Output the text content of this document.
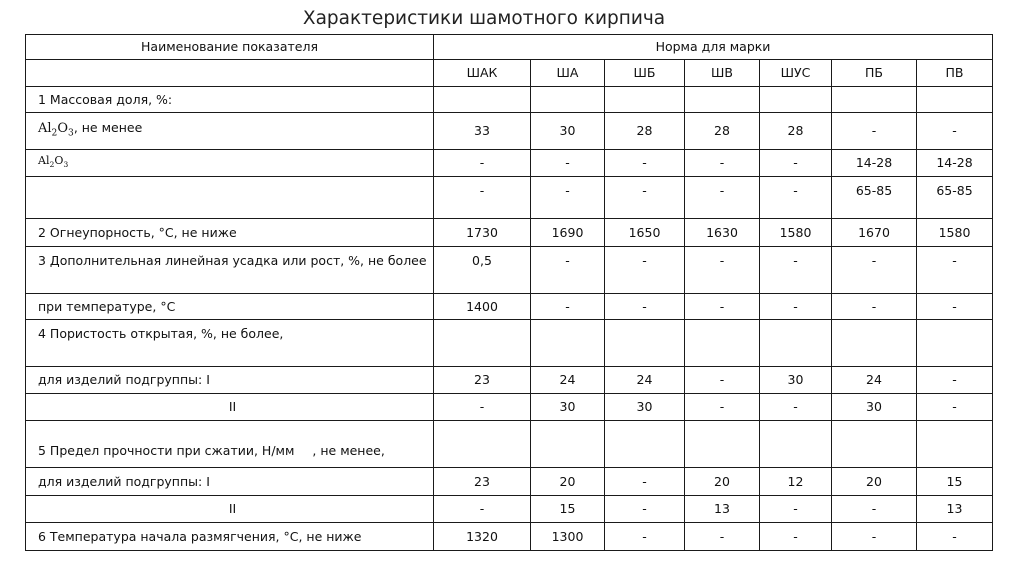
Характеристики шамотного кирпича
Наименование показателя	Норма для марки						
	ШАК	ША	ШБ	ШВ	ШУС	ПБ	ПВ
1 Массовая доля, %:							
$Al_2O_3$, не менее	33	30	28	28	28	-	-
$Al_2O_3$	-	-	-	-	-	14-28	14-28
	-	-	-	-	-	65-85	65-85
2 Огнеупорность, °С, не ниже	1730	1690	1650	1630	1580	1670	1580
3 Дополнительная линейная усадка или рост, %, не более	0,5	-	-	-	-	-	-
при температуре, °С	1400	-	-	-	-	-	-
4 Пористость открытая, %, не более,							
для изделий подгруппы: I	23	24	24	-	30	24	-
II	-	30	30	-	-	30	-
5 Предел прочности при сжатии, Н/мм , не менее,							
для изделий подгруппы: I	23	20	-	20	12	20	15
II	-	15	-	13	-	-	13
6 Температура начала размягчения, °С, не ниже	1320	1300	-	-	-	-	-
